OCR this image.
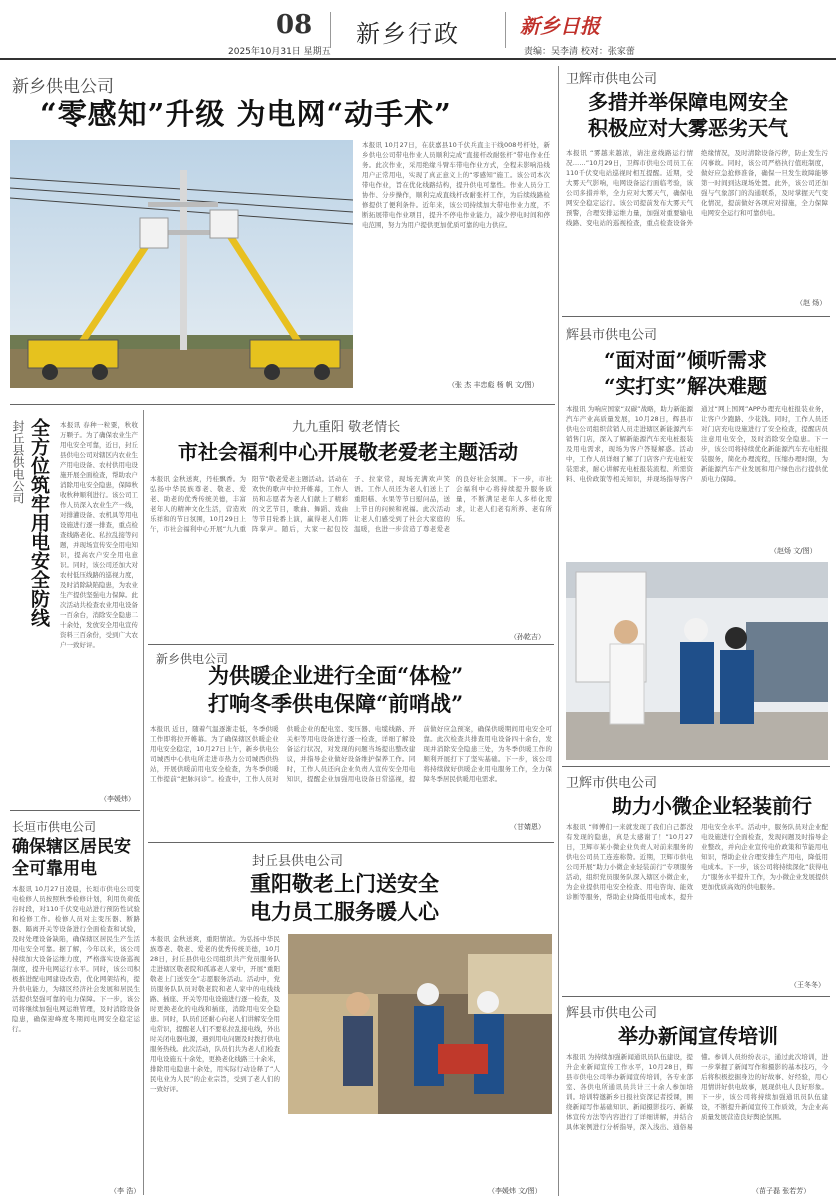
08 新乡行政
2025年10月31日 星期五
新乡日报
责编：吴李清 校对：张家蕾
新乡供电公司
“零感知”升级 为电网“动手术”
本报讯 10月27日，在获嘉县10千伏兵直主干线008号杆处，新乡供电公司带电作业人员顺利完成“直接杆改耐张杆”带电作业任务。此次作业，采用绝缘斗臂车带电作业方式，全程未影响沿线用户正常用电，实现了真正意义上的“零感知”施工。该公司本次带电作业，旨在优化线路结构，提升供电可靠性。作业人员分工协作、分步操作，顺利完成直线杆改耐张杆工作，为后续线路检修提供了便利条件。近年来，该公司持续加大带电作业力度，不断拓展带电作业项目，提升不停电作业能力，减少停电时间和停电范围，努力为用户提供更加优质可靠的电力供应。
（张 杰 丰忠彪 杨 帆 文/图）
封丘县供电公司 全方位筑牢用电安全防线	本报讯 春种一粒粟，秋收万颗子。为了确保农业生产用电安全可靠，近日，封丘县供电公司对辖区内农业生产用电设备、农村供用电设施开展全面检查，帮助农户消除用电安全隐患，保障秋收秋种顺利进行。该公司工作人员深入农业生产一线，对排灌设备、农机具等用电设施进行逐一排查，重点检查线路老化、私拉乱接等问题，并现场宣传安全用电知识，提高农户安全用电意识。同时，该公司还加大对农村低压线路的巡视力度，及时消除缺陷隐患，为农业生产提供坚强电力保障。此次活动共检查农业用电设备一百余台，消除安全隐患二十余处，发放安全用电宣传资料三百余份，受到广大农户一致好评。
（李媛炜）
长垣市供电公司
确保辖区居民安全可靠用电
本报讯 10月27日凌晨，长垣市供电公司变电检修人员按照秋季检修计划，利用负荷低谷时段，对110千伏变电站进行预防性试验和检修工作。检修人员对主变压器、断路器、隔离开关等设备进行全面检查和试验，及时处理设备缺陷，确保辖区居民生产生活用电安全可靠。据了解，今年以来，该公司持续加大设备运维力度，严格落实设备巡视制度，提升电网运行水平。同时，该公司积极推进配电网建设改造，优化网架结构，提升供电能力，为辖区经济社会发展和居民生活提供坚强可靠的电力保障。下一步，该公司将继续加强电网运维管理，及时消除设备隐患，确保迎峰度冬期间电网安全稳定运行。
（李 浩）
九九重阳 敬老情长
市社会福利中心开展敬老爱老主题活动
本报讯 金秋送爽，丹桂飘香。为弘扬中华民族尊老、敬老、爱老、助老的优秀传统美德，丰富老年人的精神文化生活，营造欢乐祥和的节日氛围，10月29日上午，市社会福利中心开展“九九重阳节”敬老爱老主题活动。活动在欢快的歌声中拉开帷幕，工作人员和志愿者为老人们献上了精彩的文艺节目，歌曲、舞蹈、戏曲等节目轮番上演，赢得老人们阵阵掌声。随后，大家一起包饺子、拉家常，现场充满欢声笑语。工作人员还为老人们送上了重阳糕、水果等节日慰问品，送上节日的问候和祝福。此次活动让老人们感受到了社会大家庭的温暖，也进一步营造了尊老爱老的良好社会氛围。下一步，市社会福利中心将持续提升服务质量，不断满足老年人多样化需求，让老人们老有所养、老有所乐。
（孙乾吉）
新乡供电公司
为供暖企业进行全面“体检”
打响冬季供电保障“前哨战”
本报讯 近日，随着气温逐渐走低，冬季供暖工作即将拉开帷幕。为了确保辖区供暖企业用电安全稳定，10月27日上午，新乡供电公司城西中心供电所走进市热力公司城西供热站，开展供暖前用电安全检查，为冬季供暖工作提前“把脉问诊”。检查中，工作人员对供暖企业的配电室、变压器、电缆线路、开关柜等用电设备进行逐一检查，详细了解设备运行状况，对发现的问题当场提出整改建议，并指导企业做好设备维护保养工作。同时，工作人员还向企业负责人宣传安全用电知识，提醒企业加强用电设备日常巡视，提前做好应急预案，确保供暖期间用电安全可靠。此次检查共排查用电设备四十余台，发现并消除安全隐患三处，为冬季供暖工作的顺利开展打下了坚实基础。下一步，该公司将持续做好供暖企业用电服务工作，全力保障冬季居民供暖用电需求。
（甘婧恩）
封丘县供电公司
重阳敬老上门送安全
电力员工服务暖人心
本报讯 金秋送爽，重阳情浓。为弘扬中华民族尊老、敬老、爱老的优秀传统美德，10月28日，封丘县供电公司组织共产党员服务队走进辖区敬老院和孤寡老人家中，开展“重阳敬老上门送安全”志愿服务活动。活动中，党员服务队队员对敬老院和老人家中的电线线路、插座、开关等用电设施进行逐一检查，及时更换老化的电线和插座，消除用电安全隐患。同时，队员们还耐心向老人们讲解安全用电常识，提醒老人们不要私拉乱接电线，外出时关闭电器电源，遇到用电问题及时拨打供电服务热线。此次活动，队员们共为老人们检查用电设施五十余处，更换老化线路三十余米，排除用电隐患十余处，用实际行动诠释了“人民电业为人民”的企业宗旨，受到了老人们的一致好评。
（李媛炜 文/图）
卫辉市供电公司
多措并举保障电网安全
积极应对大雾恶劣天气
本报讯 “雾越来越浓，请注意线路运行情况……”10月29日，卫辉市供电公司员工在110千伏变电站巡视时相互提醒。近期，受大雾天气影响，电网设备运行面临考验，该公司多措并举，全力应对大雾天气，确保电网安全稳定运行。该公司提前发布大雾天气预警，合理安排运维力量，加强对重要输电线路、变电站的巡视检查，重点检查设备外绝缘情况，及时清除设备污秽，防止发生污闪事故。同时，该公司严格执行值班制度，做好应急抢修准备，确保一旦发生故障能够第一时间到达现场处置。此外，该公司还加强与气象部门的沟通联系，及时掌握天气变化情况，提前做好各项应对措施，全力保障电网安全运行和可靠供电。
（赵 炀）
辉县市供电公司
“面对面”倾听需求
“实打实”解决难题
本报讯 为响应国家“双碳”战略，助力新能源汽车产业高质量发展，10月28日，辉县市供电公司组织营销人员走进辖区新能源汽车销售门店，深入了解新能源汽车充电桩报装及用电需求，现场为客户答疑解惑。活动中，工作人员详细了解了门店客户充电桩安装需求，耐心讲解充电桩报装流程、所需资料、电价政策等相关知识，并现场指导客户通过“网上国网”APP办理充电桩报装业务，让客户少跑路、少花钱。同时，工作人员还对门店充电设施进行了安全检查，提醒店员注意用电安全，及时消除安全隐患。下一步，该公司将持续优化新能源汽车充电桩报装服务，简化办理流程，压缩办理时限，为新能源汽车产业发展和用户绿色出行提供优质电力保障。
（赵炀 文/图）
卫辉市供电公司
助力小微企业轻装前行
本报讯 “师傅们一来就发现了我们自己都没有发现的隐患，真是太感谢了！”10月27日，卫辉市某小微企业负责人对前来服务的供电公司员工连连称赞。近期，卫辉市供电公司开展“助力小微企业轻装前行”专项服务活动，组织党员服务队深入辖区小微企业，为企业提供用电安全检查、用电咨询、能效诊断等服务，帮助企业降低用电成本，提升用电安全水平。活动中，服务队员对企业配电设施进行全面检查，发现问题及时指导企业整改，并向企业宣传电价政策和节能用电知识，帮助企业合理安排生产用电，降低用电成本。下一步，该公司将持续深化“获得电力”服务水平提升工作，为小微企业发展提供更加优质高效的供电服务。
（王冬冬）
辉县市供电公司
举办新闻宣传培训
本报讯 为持续加强新闻通讯员队伍建设，提升企业新闻宣传工作水平，10月28日，辉县市供电公司举办新闻宣传培训，各专业部室、各供电所通讯员共计三十余人参加培训。培训特邀新乡日报社资深记者授课，围绕新闻写作基础知识、新闻摄影技巧、新媒体宣传方法等内容进行了详细讲解，并结合具体案例进行分析指导，深入浅出、通俗易懂。参训人员纷纷表示，通过此次培训，进一步掌握了新闻写作和摄影的基本技巧，今后将积极挖掘身边的好故事、好经验，用心用情讲好供电故事，展现供电人良好形象。下一步，该公司将持续加强通讯员队伍建设，不断提升新闻宣传工作质效，为企业高质量发展营造良好舆论氛围。
（苗子磊 张若芳）
